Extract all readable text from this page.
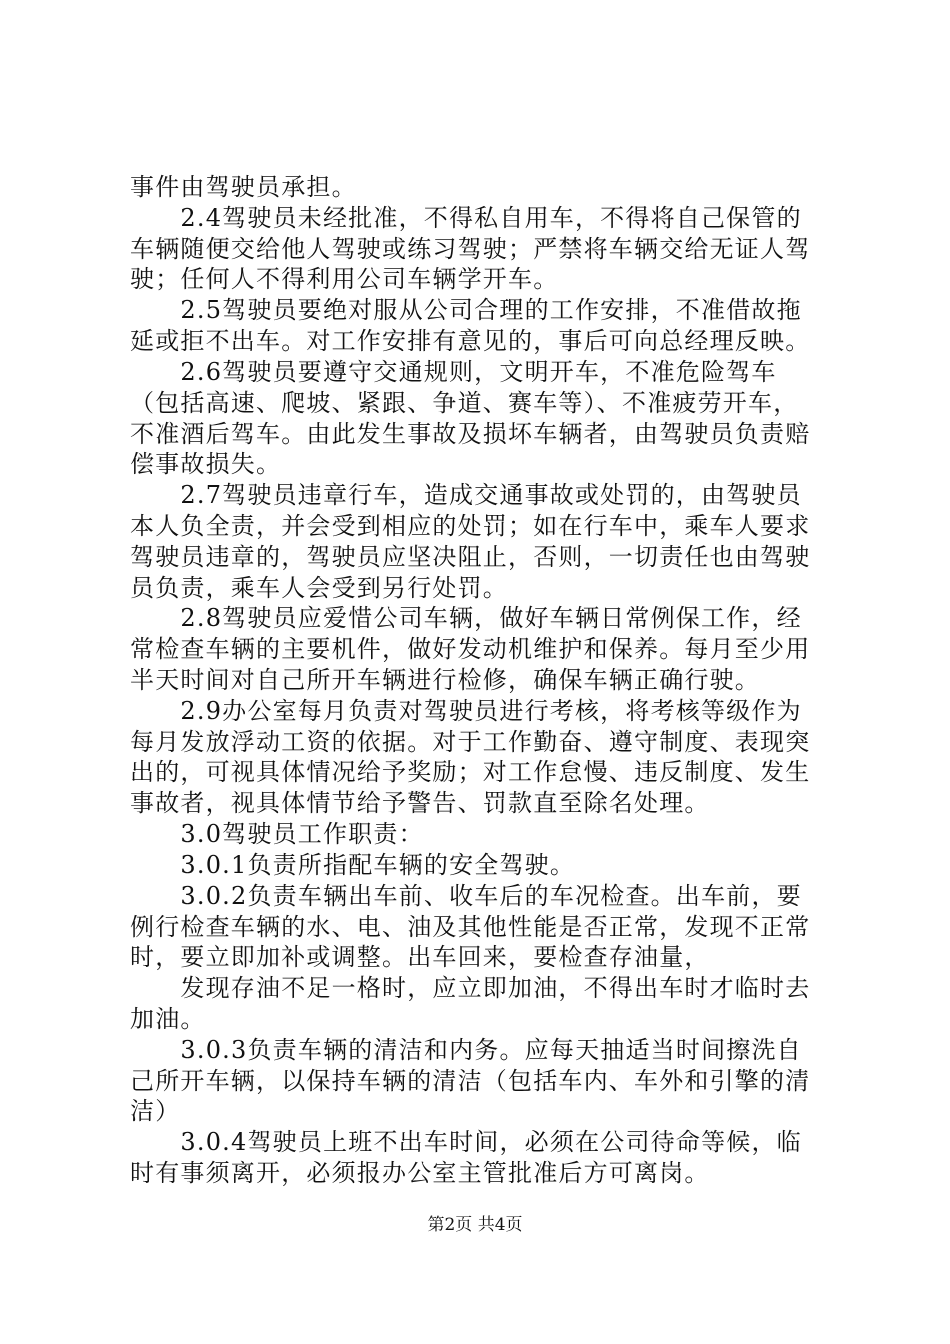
事件由驾驶员承担。
　　2.4驾驶员未经批准，不得私自用车，不得将自己保管的
车辆随便交给他人驾驶或练习驾驶；严禁将车辆交给无证人驾
驶；任何人不得利用公司车辆学开车。
　　2.5驾驶员要绝对服从公司合理的工作安排，不准借故拖
延或拒不出车。对工作安排有意见的，事后可向总经理反映。
　　2.6驾驶员要遵守交通规则，文明开车，不准危险驾车
（包括高速、爬坡、紧跟、争道、赛车等）、不准疲劳开车，
不准酒后驾车。由此发生事故及损坏车辆者，由驾驶员负责赔
偿事故损失。
　　2.7驾驶员违章行车，造成交通事故或处罚的，由驾驶员
本人负全责，并会受到相应的处罚；如在行车中，乘车人要求
驾驶员违章的，驾驶员应坚决阻止，否则，一切责任也由驾驶
员负责，乘车人会受到另行处罚。
　　2.8驾驶员应爱惜公司车辆，做好车辆日常例保工作，经
常检查车辆的主要机件，做好发动机维护和保养。每月至少用
半天时间对自己所开车辆进行检修，确保车辆正确行驶。
　　2.9办公室每月负责对驾驶员进行考核，将考核等级作为
每月发放浮动工资的依据。对于工作勤奋、遵守制度、表现突
出的，可视具体情况给予奖励；对工作怠慢、违反制度、发生
事故者，视具体情节给予警告、罚款直至除名处理。
　　3.0驾驶员工作职责：
　　3.0.1负责所指配车辆的安全驾驶。
　　3.0.2负责车辆出车前、收车后的车况检查。出车前，要
例行检查车辆的水、电、油及其他性能是否正常，发现不正常
时，要立即加补或调整。出车回来，要检查存油量，
　　发现存油不足一格时，应立即加油，不得出车时才临时去
加油。
　　3.0.3负责车辆的清洁和内务。应每天抽适当时间擦洗自
己所开车辆，以保持车辆的清洁（包括车内、车外和引擎的清
洁）
　　3.0.4驾驶员上班不出车时间，必须在公司待命等候，临
时有事须离开，必须报办公室主管批准后方可离岗。
第2页 共4页
